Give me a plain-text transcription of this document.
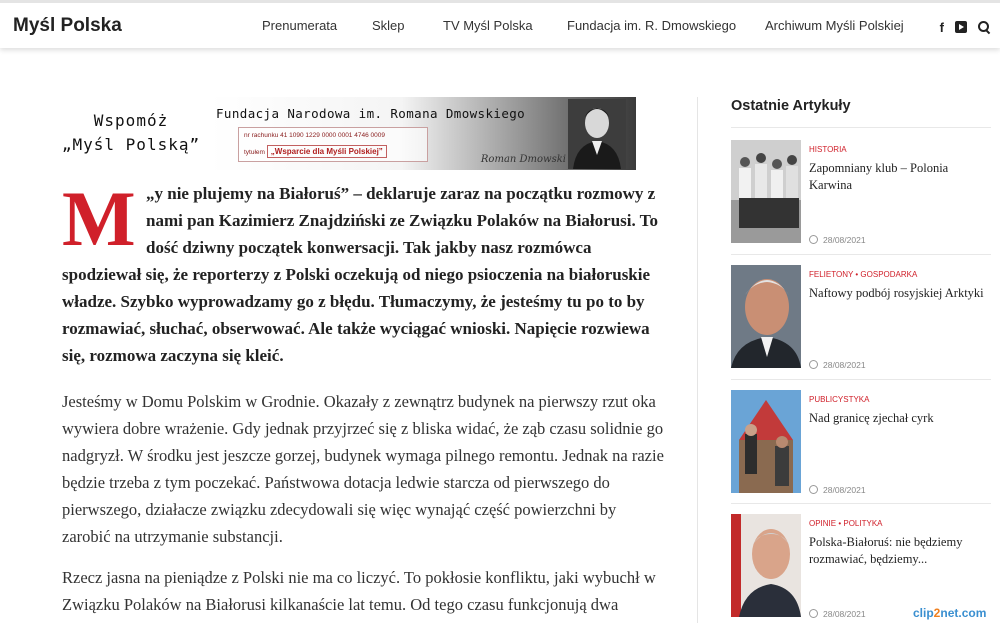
Myśl Polska	Prenumerata	Sklep	TV Myśl Polska	Fundacja im. R. Dmowskiego Archiwum Myśli Polskiej	f
Wspomóż
„Myśl Polską”
Fundacja Narodowa im. Romana Dmowskiego
nr rachunku 41 1090 1229 0000 0001 4746 0009
tytułem „Wsparcie dla Myśli Polskiej”
Roman Dmowski
M „y nie plujemy na Białoruś” – deklaruje zaraz na początku rozmowy z
nami pan Kazimierz Znajdziński ze Związku Polaków na Białorusi. To
dość dziwny początek konwersacji. Tak jakby nasz rozmówca
spodziewał się, że reporterzy z Polski oczekują od niego psioczenia na białoruskie władze. Szybko wyprowadzamy go z błędu. Tłumaczymy, że jesteśmy tu po to by rozmawiać, słuchać, obserwować. Ale także wyciągać wnioski. Napięcie rozwiewa się, rozmowa zaczyna się kleić.

Jesteśmy w Domu Polskim w Grodnie. Okazały z zewnątrz budynek na pierwszy rzut oka wywiera dobre wrażenie. Gdy jednak przyjrzeć się z bliska widać, że ząb czasu solidnie go nadgryzł. W środku jest jeszcze gorzej, budynek wymaga pilnego remontu. Jednak na razie będzie trzeba z tym poczekać. Państwowa dotacja ledwie starcza od pierwszego do pierwszego, działacze związku zdecydowali się więc wynająć część powierzchni by zarobić na utrzymanie substancji.

Rzecz jasna na pieniądze z Polski nie ma co liczyć. To pokłosie konfliktu, jaki wybuchł w Związku Polaków na Białorusi kilkanaście lat temu. Od tego czasu funkcjonują dwa

Ostatnie Artykuły
HISTORIA
Zapomniany klub – Polonia Karwina
28/08/2021
FELIETONY • GOSPODARKA
Naftowy podbój rosyjskiej Arktyki
28/08/2021
PUBLICYSTYKA
Nad granicę zjechał cyrk
28/08/2021
OPINIE • POLITYKA
Polska-Białoruś: nie będziemy rozmawiać, będziemy...
28/08/2021	clip2net.com
